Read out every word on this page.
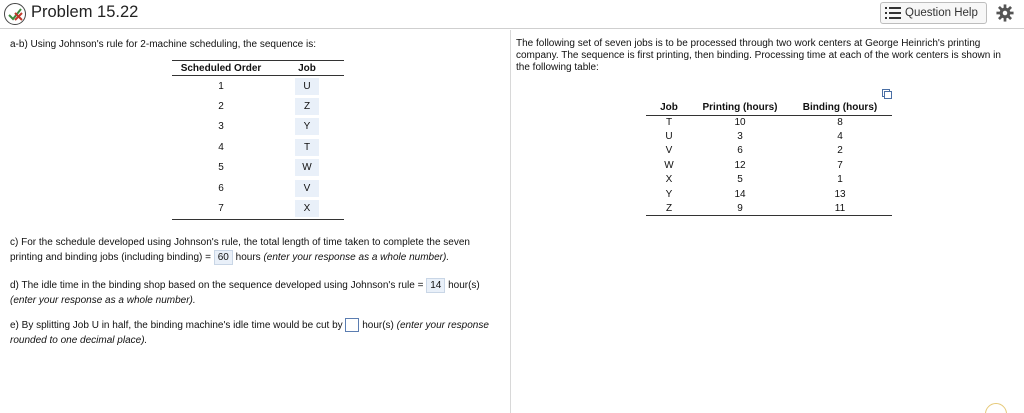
Problem 15.22	Question Help
a-b) Using Johnson's rule for 2-machine scheduling, the sequence is:
Scheduled Order	Job
1	U
2	Z
3	Y
4	T
5	W
6	V
7	X
c) For the schedule developed using Johnson's rule, the total length of time taken to complete the seven printing and binding jobs (including binding) = 60 hours (enter your response as a whole number).
d) The idle time in the binding shop based on the sequence developed using Johnson's rule = 14 hour(s)
(enter your response as a whole number).
e) By splitting Job U in half, the binding machine's idle time would be cut by  hour(s) (enter your response rounded to one decimal place).
The following set of seven jobs is to be processed through two work centers at George Heinrich's printing company. The sequence is first printing, then binding. Processing time at each of the work centers is shown in the following table:
Job	Printing (hours)	Binding (hours)
T	10	8
U	3	4
V	6	2
W	12	7
X	5	1
Y	14	13
Z	9	11
